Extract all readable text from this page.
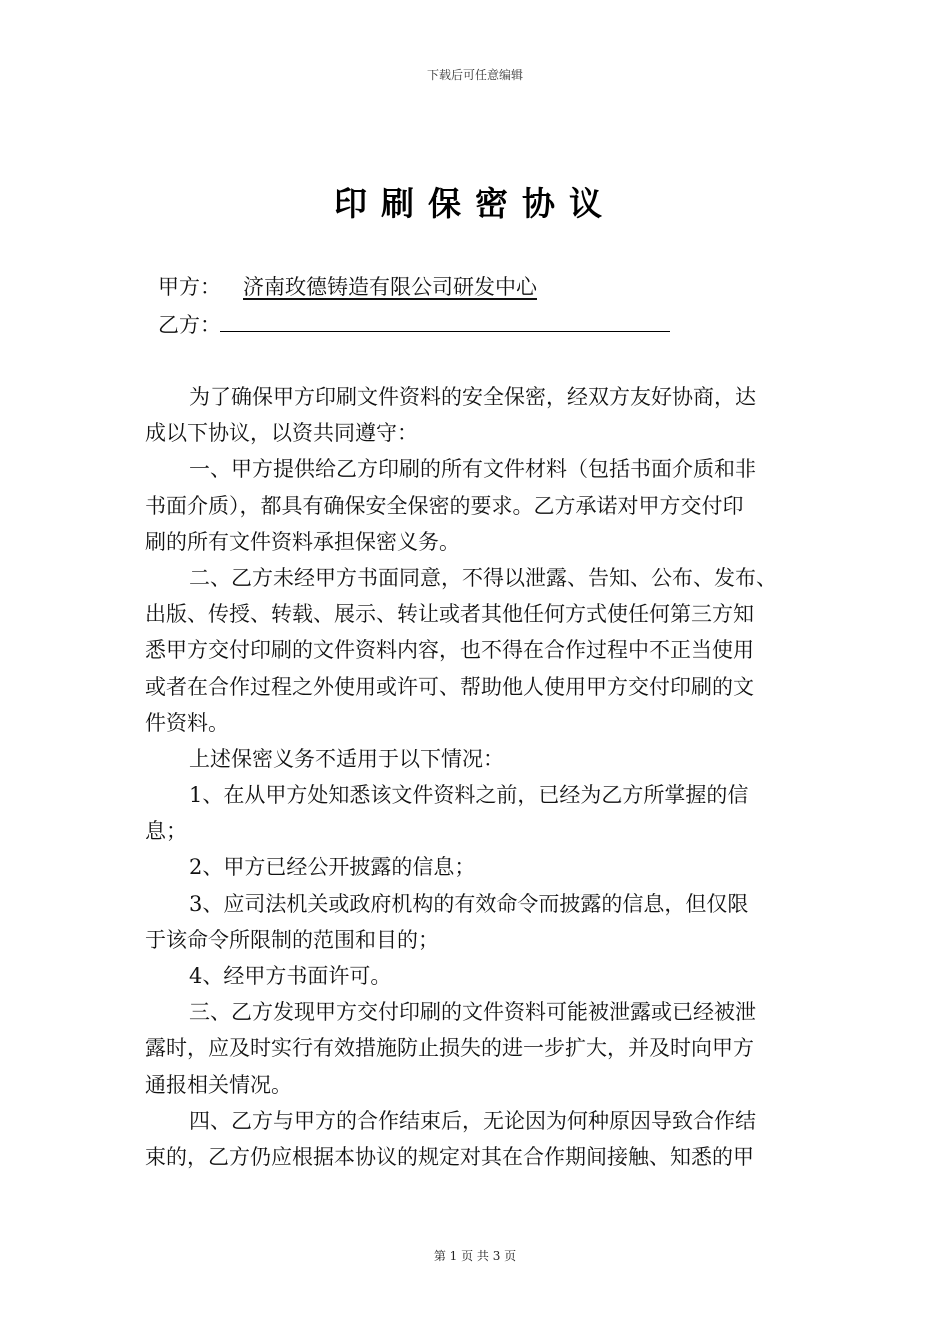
下载后可任意编辑
印刷保密协议
甲方： 济南玫德铸造有限公司研发中心
乙方：
为了确保甲方印刷文件资料的安全保密，经双方友好协商，达
成以下协议，以资共同遵守：
一、甲方提供给乙方印刷的所有文件材料（包括书面介质和非
书面介质），都具有确保安全保密的要求。乙方承诺对甲方交付印
刷的所有文件资料承担保密义务。
二、乙方未经甲方书面同意，不得以泄露、告知、公布、发布、
出版、传授、转载、展示、转让或者其他任何方式使任何第三方知
悉甲方交付印刷的文件资料内容，也不得在合作过程中不正当使用
或者在合作过程之外使用或许可、帮助他人使用甲方交付印刷的文
件资料。
上述保密义务不适用于以下情况：
1、在从甲方处知悉该文件资料之前，已经为乙方所掌握的信
息；
2、甲方已经公开披露的信息；
3、应司法机关或政府机构的有效命令而披露的信息，但仅限
于该命令所限制的范围和目的；
4、经甲方书面许可。
三、乙方发现甲方交付印刷的文件资料可能被泄露或已经被泄
露时，应及时实行有效措施防止损失的进一步扩大，并及时向甲方
通报相关情况。
四、乙方与甲方的合作结束后，无论因为何种原因导致合作结
束的，乙方仍应根据本协议的规定对其在合作期间接触、知悉的甲
第 1 页 共 3 页
